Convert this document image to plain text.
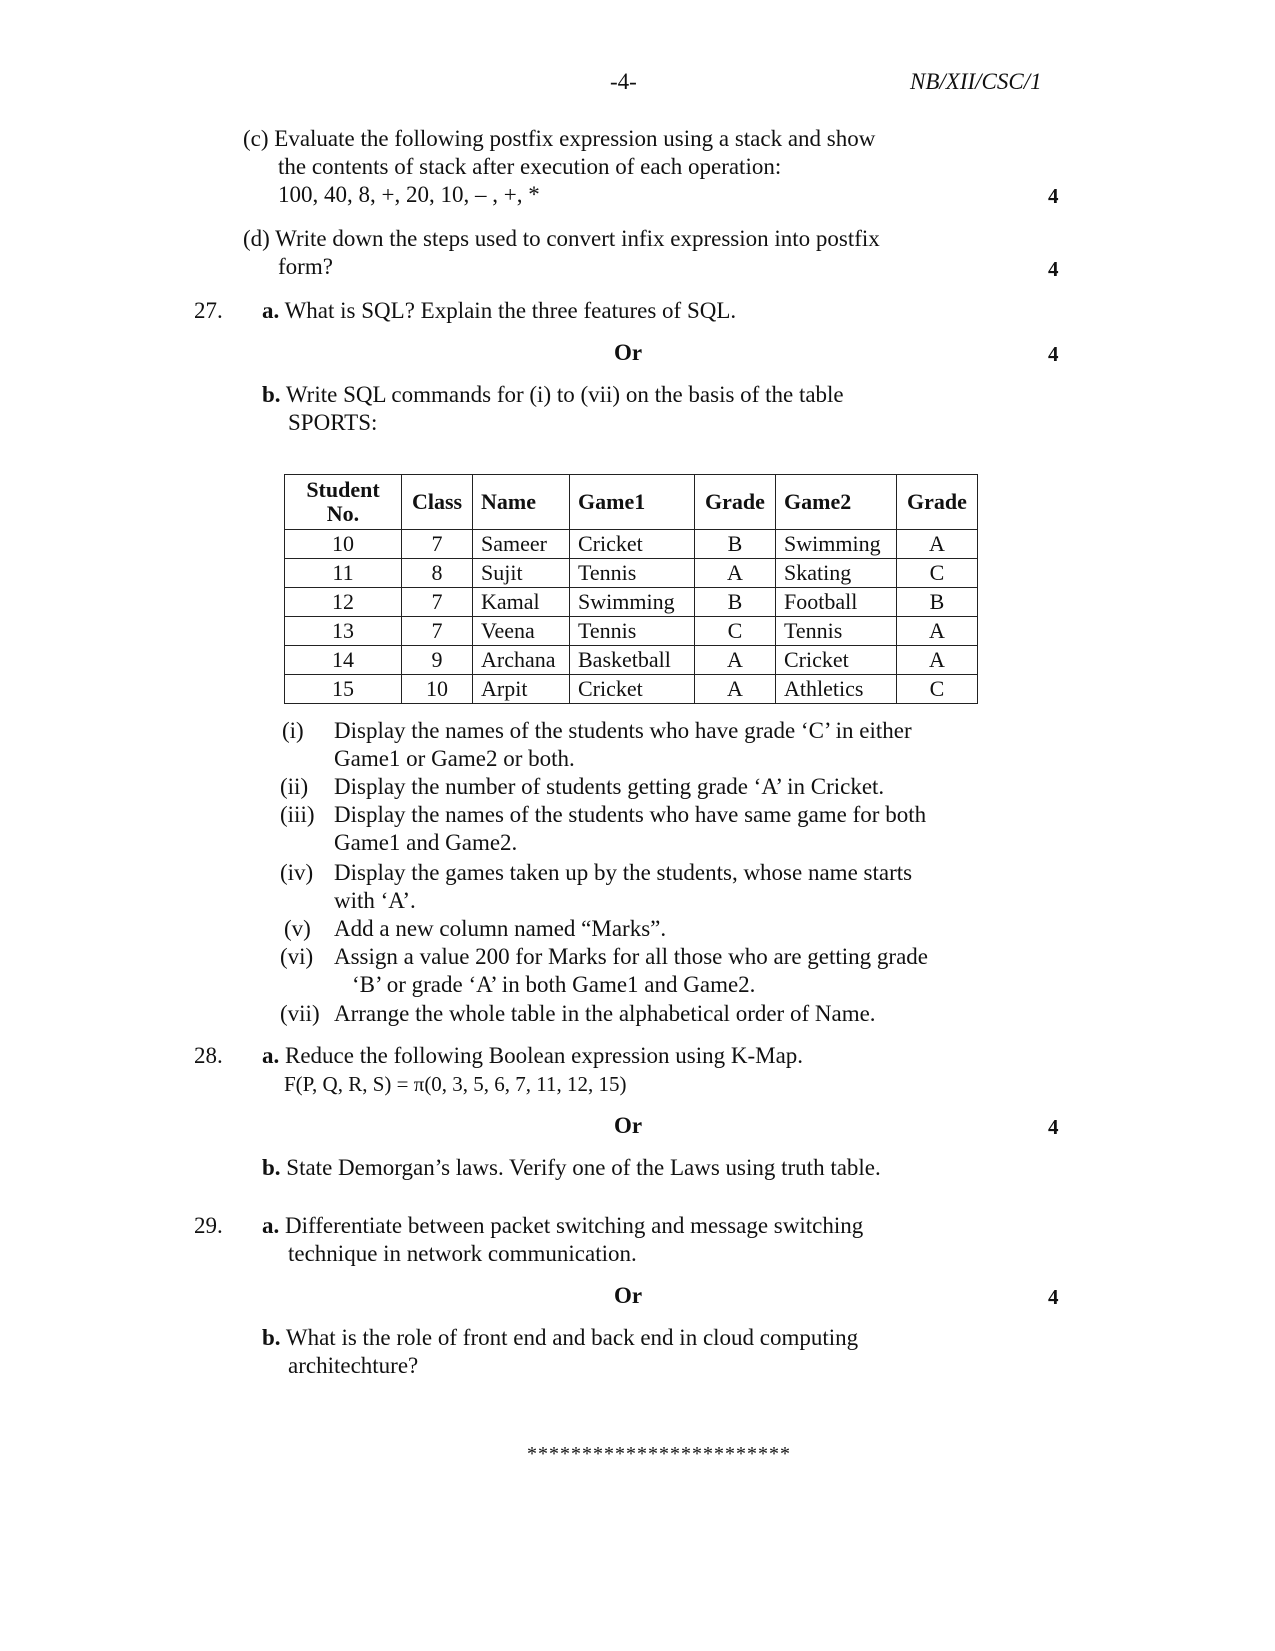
-4-	NB/XII/CSC/1
(c) Evaluate the following postfix expression using a stack and show
the contents of stack after execution of each operation:
100, 40, 8, +, 20, 10, – , +, *	4
(d) Write down the steps used to convert infix expression into postfix
form?	4
27. a. What is SQL? Explain the three features of SQL.
Or	4
b. Write SQL commands for (i) to (vii) on the basis of the table
SPORTS:
Student No.	Class	Name	Game1	Grade	Game2	Grade
10	7	Sameer	Cricket	B	Swimming	A
11	8	Sujit	Tennis	A	Skating	C
12	7	Kamal	Swimming	B	Football	B
13	7	Veena	Tennis	C	Tennis	A
14	9	Archana	Basketball	A	Cricket	A
15	10	Arpit	Cricket	A	Athletics	C
(i) Display the names of the students who have grade ‘C’ in either
Game1 or Game2 or both.
(ii) Display the number of students getting grade ‘A’ in Cricket.
(iii) Display the names of the students who have same game for both
Game1 and Game2.
(iv) Display the games taken up by the students, whose name starts
with ‘A’.
(v) Add a new column named “Marks”.
(vi) Assign a value 200 for Marks for all those who are getting grade
‘B’ or grade ‘A’ in both Game1 and Game2.
(vii) Arrange the whole table in the alphabetical order of Name.
28. a. Reduce the following Boolean expression using K-Map.
F(P, Q, R, S) = π(0, 3, 5, 6, 7, 11, 12, 15)
Or	4
b. State Demorgan’s laws. Verify one of the Laws using truth table.
29. a. Differentiate between packet switching and message switching
technique in network communication.
Or	4
b. What is the role of front end and back end in cloud computing
architechture?
************************
